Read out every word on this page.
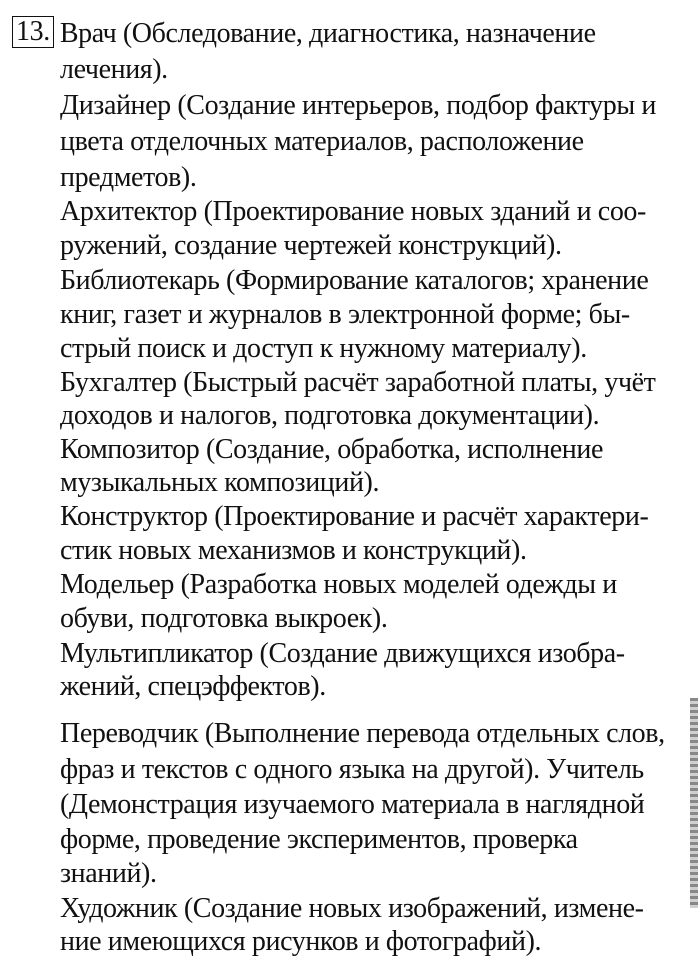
13. Врач (Обследование, диагностика, назначение
лечения).
Дизайнер (Создание интерьеров, подбор фактуры и
цвета отделочных материалов, расположение
предметов).
Архитектор (Проектирование новых зданий и соо-
ружений, создание чертежей конструкций).
Библиотекарь (Формирование каталогов; хранение
книг, газет и журналов в электронной форме; бы-
стрый поиск и доступ к нужному материалу).
Бухгалтер (Быстрый расчёт заработной платы, учёт
доходов и налогов, подготовка документации).
Композитор (Создание, обработка, исполнение
музыкальных композиций).
Конструктор (Проектирование и расчёт характери-
стик новых механизмов и конструкций).
Модельер (Разработка новых моделей одежды и
обуви, подготовка выкроек).
Мультипликатор (Создание движущихся изобра-
жений, спецэффектов).
Переводчик (Выполнение перевода отдельных слов,
фраз и текстов с одного языка на другой). Учитель
(Демонстрация изучаемого материала в наглядной
форме, проведение экспериментов, проверка
знаний).
Художник (Создание новых изображений, измене-
ние имеющихся рисунков и фотографий).
